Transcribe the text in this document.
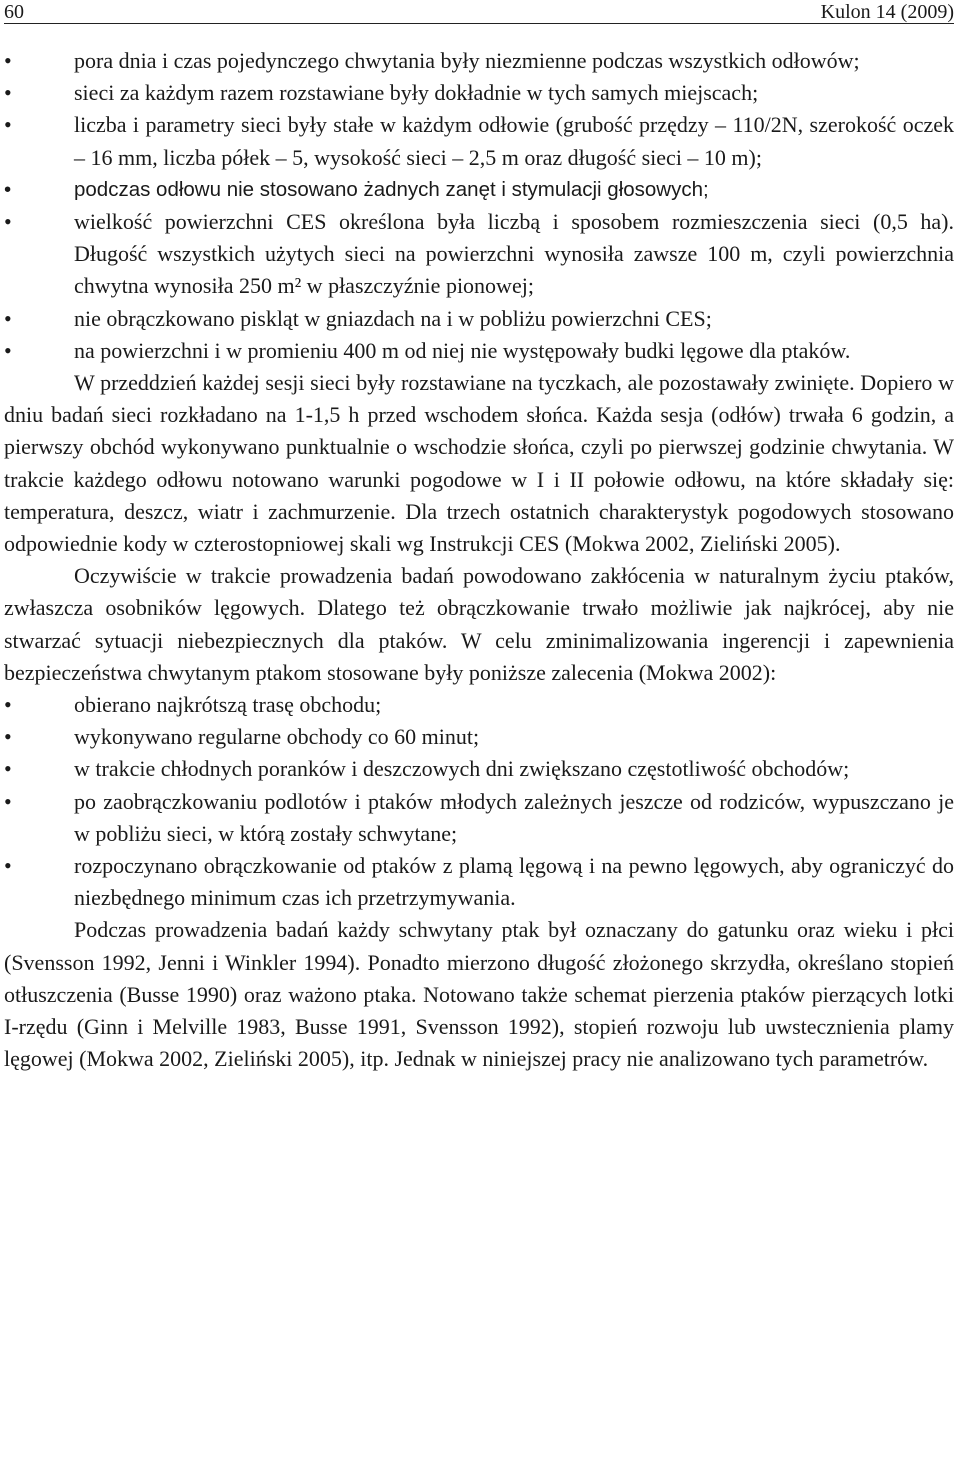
60	Kulon 14 (2009)
•	pora dnia i czas pojedynczego chwytania były niezmienne podczas wszystkich odłowów;
•	sieci za każdym razem rozstawiane były dokładnie w tych samych miejscach;
•	liczba i parametry sieci były stałe w każdym odłowie (grubość przędzy – 110/2N, szerokość oczek – 16 mm, liczba półek – 5, wysokość sieci – 2,5 m oraz długość sieci – 10 m);
•	podczas odłowu nie stosowano żadnych zanęt i stymulacji głosowych;
•	wielkość powierzchni CES określona była liczbą i sposobem rozmieszczenia sieci (0,5 ha). Długość wszystkich użytych sieci na powierzchni wynosiła zawsze 100 m, czyli powierzchnia chwytna wynosiła 250 m² w płaszczyźnie pionowej;
•	nie obrączkowano piskląt w gniazdach na i w pobliżu powierzchni CES;
•	na powierzchni i w promieniu 400 m od niej nie występowały budki lęgowe dla ptaków.

W przeddzień każdej sesji sieci były rozstawiane na tyczkach, ale pozostawały zwinięte. Dopiero w dniu badań sieci rozkładano na 1-1,5 h przed wschodem słońca. Każda sesja (odłów) trwała 6 godzin, a pierwszy obchód wykonywano punktualnie o wschodzie słońca, czyli po pierwszej godzinie chwytania. W trakcie każdego odłowu notowano warunki pogodowe w I i II połowie odłowu, na które składały się: temperatura, deszcz, wiatr i zachmurzenie. Dla trzech ostatnich charakterystyk pogodowych stosowano odpowiednie kody w czterostopniowej skali wg Instrukcji CES (Mokwa 2002, Zieliński 2005).

Oczywiście w trakcie prowadzenia badań powodowano zakłócenia w naturalnym życiu ptaków, zwłaszcza osobników lęgowych. Dlatego też obrączkowanie trwało możliwie jak najkrócej, aby nie stwarzać sytuacji niebezpiecznych dla ptaków. W celu zminimalizowania ingerencji i zapewnienia bezpieczeństwa chwytanym ptakom stosowane były poniższe zalecenia (Mokwa 2002):

•	obierano najkrótszą trasę obchodu;
•	wykonywano regularne obchody co 60 minut;
•	w trakcie chłodnych poranków i deszczowych dni zwiększano częstotliwość obchodów;
•	po zaobrączkowaniu podlotów i ptaków młodych zależnych jeszcze od rodziców, wypuszczano je w pobliżu sieci, w którą zostały schwytane;
•	rozpoczynano obrączkowanie od ptaków z plamą lęgową i na pewno lęgowych, aby ograniczyć do niezbędnego minimum czas ich przetrzymywania.

Podczas prowadzenia badań każdy schwytany ptak był oznaczany do gatunku oraz wieku i płci (Svensson 1992, Jenni i Winkler 1994). Ponadto mierzono długość złożonego skrzydła, określano stopień otłuszczenia (Busse 1990) oraz ważono ptaka. Notowano także schemat pierzenia ptaków pierzących lotki I-rzędu (Ginn i Melville 1983, Busse 1991, Svensson 1992), stopień rozwoju lub uwstecznienia plamy lęgowej (Mokwa 2002, Zieliński 2005), itp. Jednak w niniejszej pracy nie analizowano tych parametrów.
